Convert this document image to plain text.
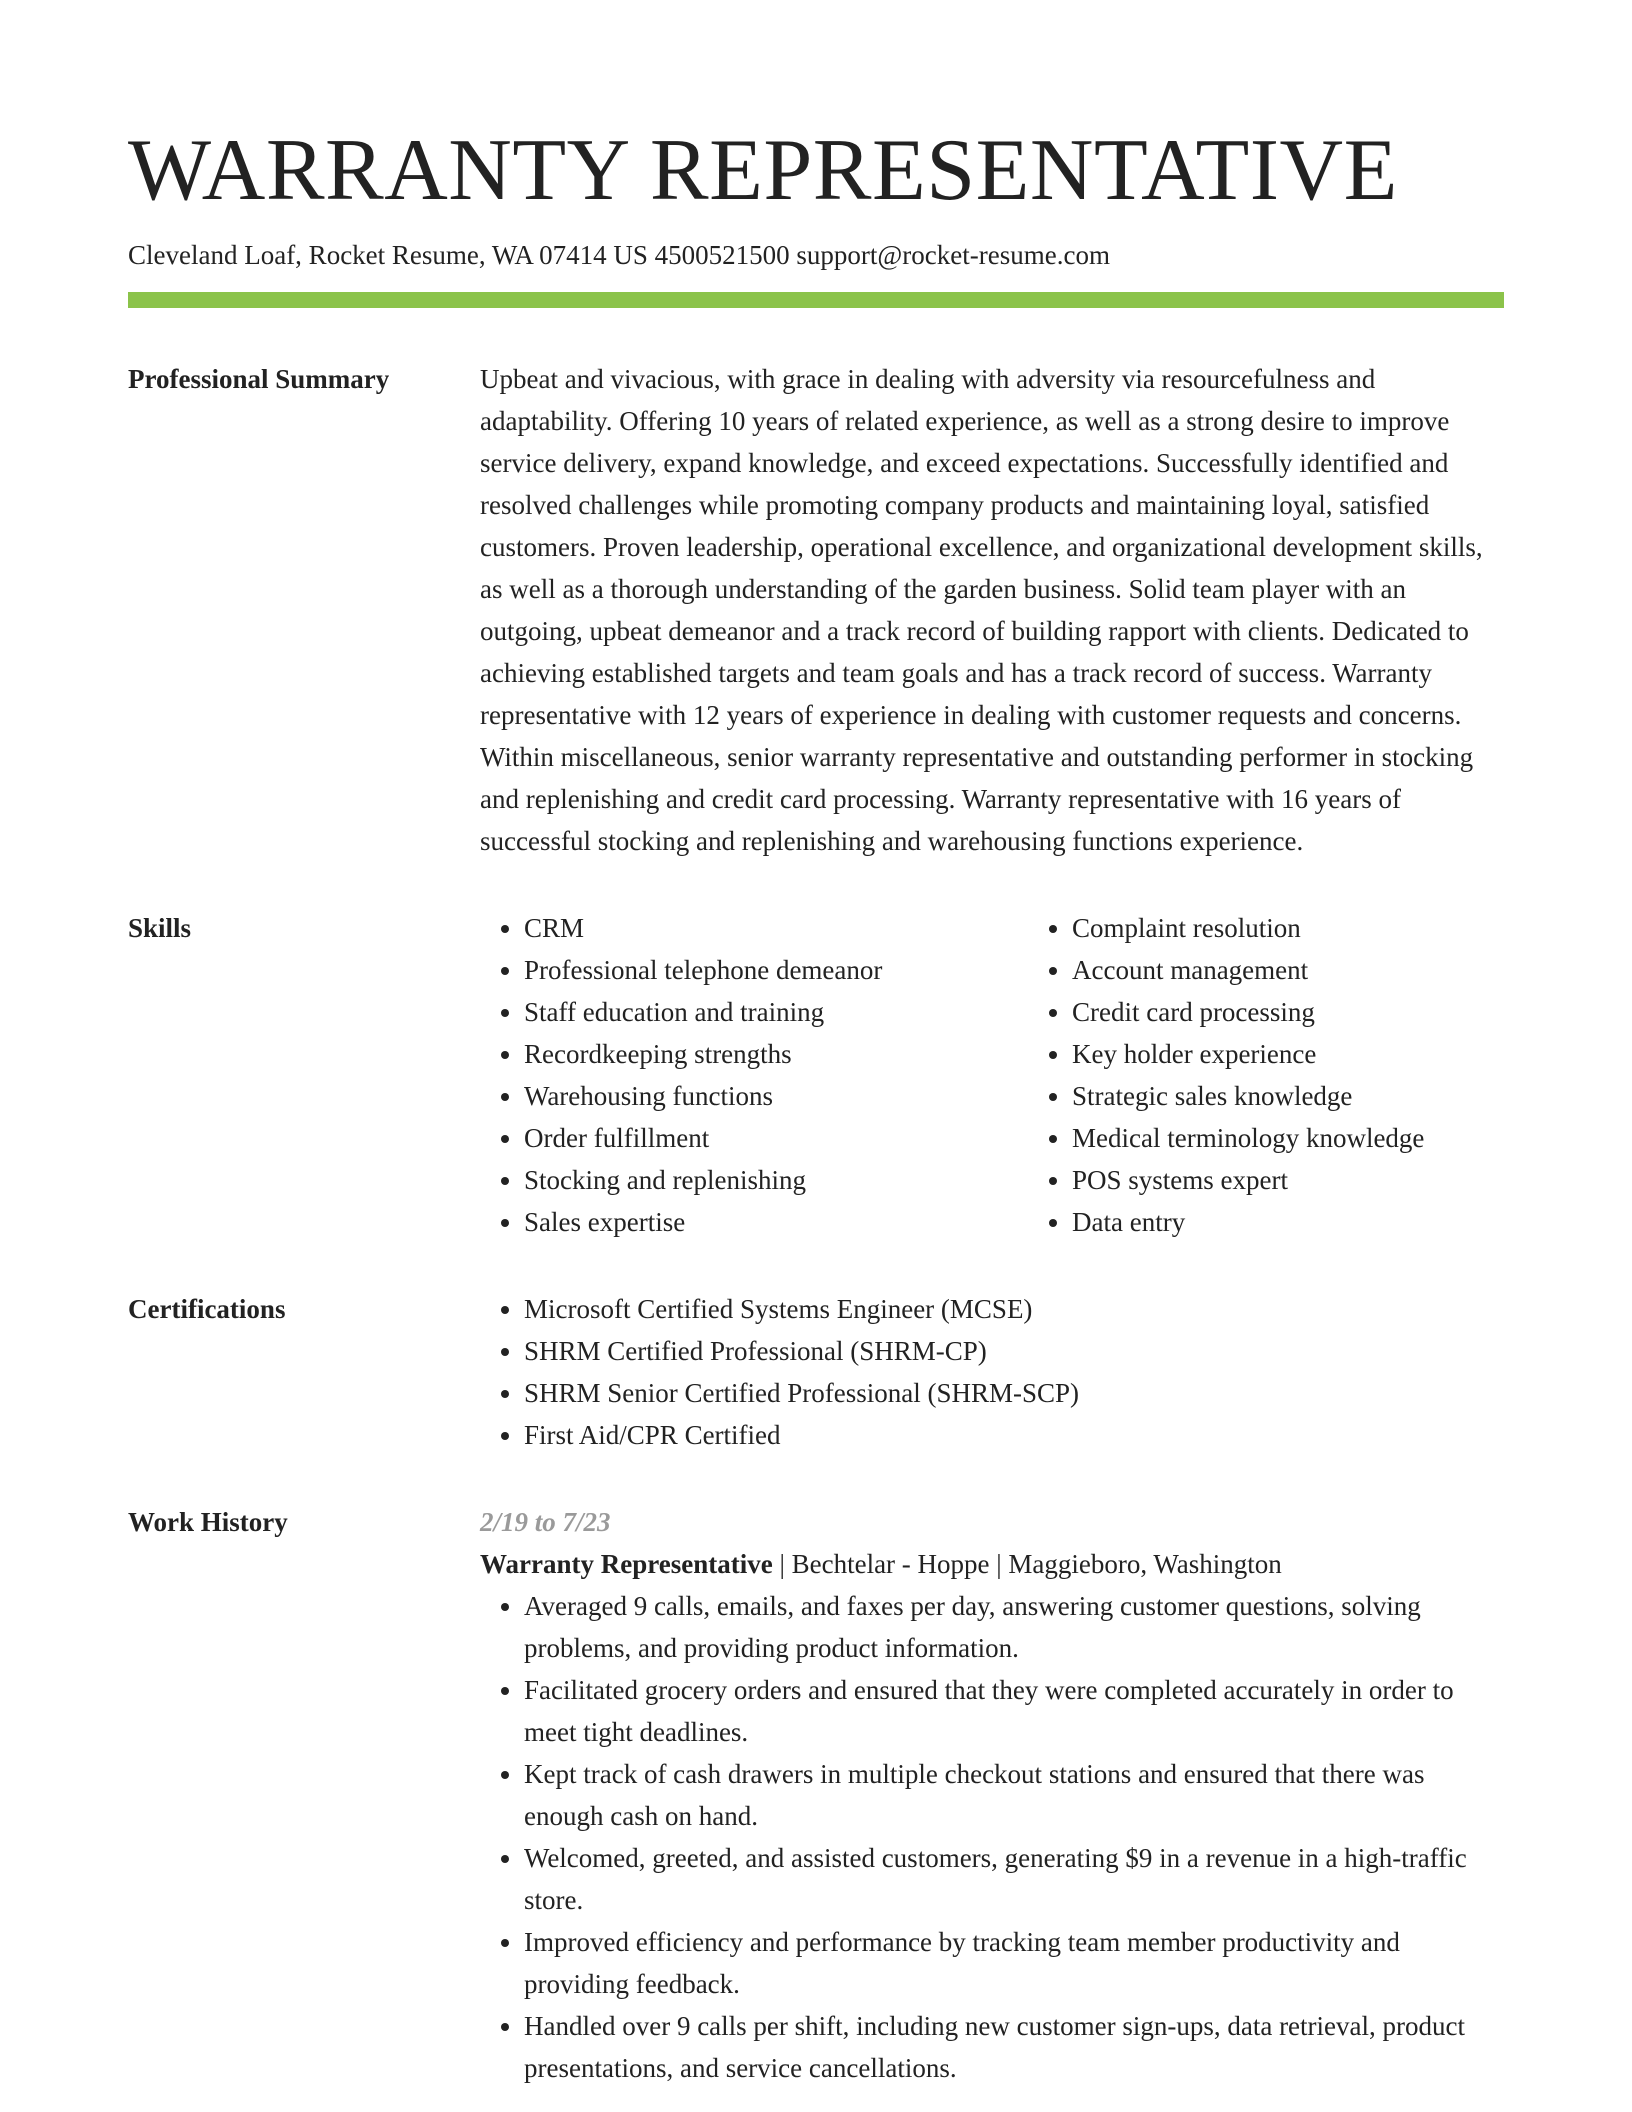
WARRANTY REPRESENTATIVE
Cleveland Loaf, Rocket Resume, WA 07414 US 4500521500 support@rocket-resume.com
Professional Summary	Upbeat and vivacious, with grace in dealing with adversity via resourcefulness and adaptability. Offering 10 years of related experience, as well as a strong desire to improve service delivery, expand knowledge, and exceed expectations. Successfully identified and resolved challenges while promoting company products and maintaining loyal, satisfied customers. Proven leadership, operational excellence, and organizational development skills, as well as a thorough understanding of the garden business. Solid team player with an outgoing, upbeat demeanor and a track record of building rapport with clients. Dedicated to achieving established targets and team goals and has a track record of success. Warranty representative with 12 years of experience in dealing with customer requests and concerns. Within miscellaneous, senior warranty representative and outstanding performer in stocking and replenishing and credit card processing. Warranty representative with 16 years of successful stocking and replenishing and warehousing functions experience.

Skills	• CRM
• Professional telephone demeanor
• Staff education and training
• Recordkeeping strengths
• Warehousing functions
• Order fulfillment
• Stocking and replenishing
• Sales expertise
• Complaint resolution
• Account management
• Credit card processing
• Key holder experience
• Strategic sales knowledge
• Medical terminology knowledge
• POS systems expert
• Data entry
Certifications	• Microsoft Certified Systems Engineer (MCSE)
• SHRM Certified Professional (SHRM-CP)
• SHRM Senior Certified Professional (SHRM-SCP)
• First Aid/CPR Certified
Work History	2/19 to 7/23
Warranty Representative | Bechtelar - Hoppe | Maggieboro, Washington
• Averaged 9 calls, emails, and faxes per day, answering customer questions, solving problems, and providing product information.
• Facilitated grocery orders and ensured that they were completed accurately in order to meet tight deadlines.
• Kept track of cash drawers in multiple checkout stations and ensured that there was enough cash on hand.
• Welcomed, greeted, and assisted customers, generating $9 in a revenue in a high-traffic store.
• Improved efficiency and performance by tracking team member productivity and providing feedback.
• Handled over 9 calls per shift, including new customer sign-ups, data retrieval, product presentations, and service cancellations.
